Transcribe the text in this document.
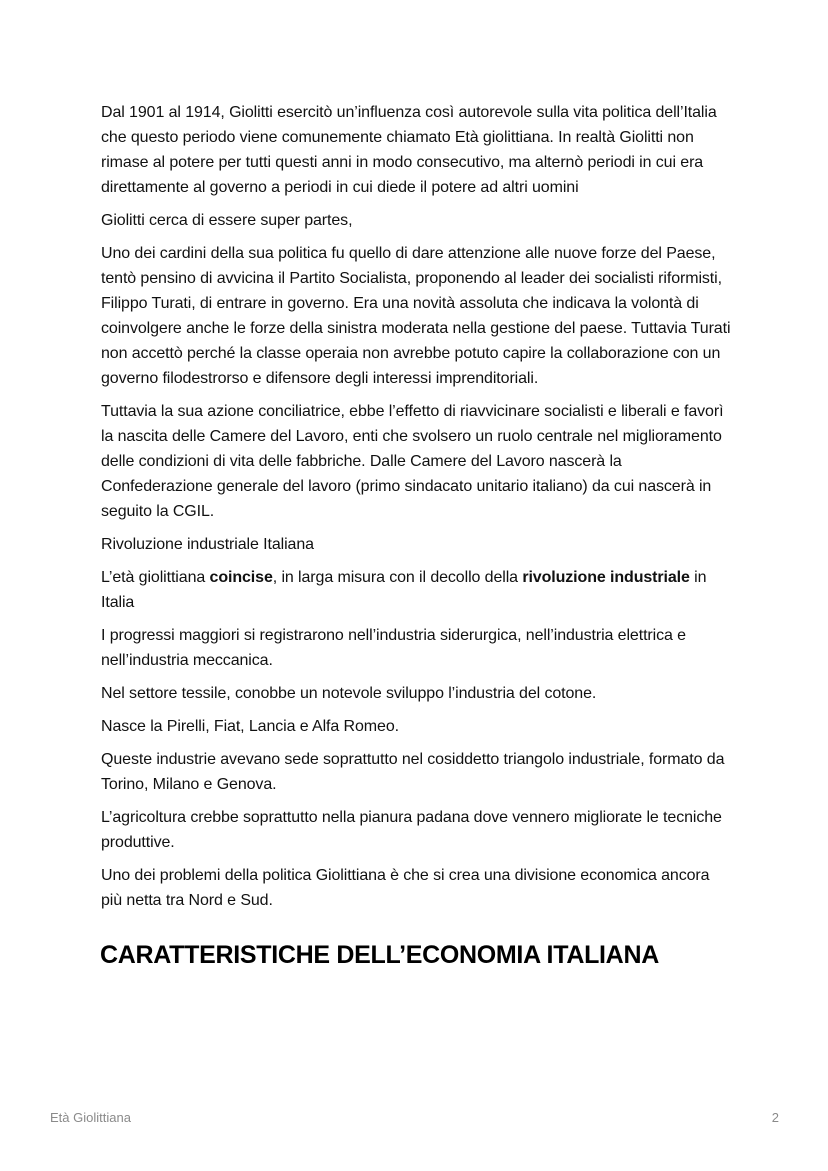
Dal 1901 al 1914, Giolitti esercitò un’influenza così autorevole sulla vita politica dell’Italia che questo periodo viene comunemente chiamato Età giolittiana. In realtà Giolitti non rimase al potere per tutti questi anni in modo consecutivo, ma alternò periodi in cui era direttamente al governo a periodi in cui diede il potere ad altri uomini

Giolitti cerca di essere super partes,

Uno dei cardini della sua politica fu quello di dare attenzione alle nuove forze del Paese, tentò pensino di avvicina il Partito Socialista, proponendo al leader dei socialisti riformisti, Filippo Turati, di entrare in governo. Era una novità assoluta che indicava la volontà di coinvolgere anche le forze della sinistra moderata nella gestione del paese. Tuttavia Turati non accettò perché la classe operaia non avrebbe potuto capire la collaborazione con un governo filodestrorso e difensore degli interessi imprenditoriali.

Tuttavia la sua azione conciliatrice, ebbe l’effetto di riavvicinare socialisti e liberali e favorì la nascita delle Camere del Lavoro, enti che svolsero un ruolo centrale nel miglioramento delle condizioni di vita delle fabbriche. Dalle Camere del Lavoro nascerà la Confederazione generale del lavoro (primo sindacato unitario italiano) da cui nascerà in seguito la CGIL.

Rivoluzione industriale Italiana

L’età giolittiana coincise, in larga misura con il decollo della rivoluzione industriale in Italia

I progressi maggiori si registrarono nell’industria siderurgica, nell’industria elettrica e nell’industria meccanica.

Nel settore tessile, conobbe un notevole sviluppo l’industria del cotone.

Nasce la Pirelli, Fiat, Lancia e Alfa Romeo.

Queste industrie avevano sede soprattutto nel cosiddetto triangolo industriale, formato da Torino, Milano e Genova.

L’agricoltura crebbe soprattutto nella pianura padana dove vennero migliorate le tecniche produttive.

Uno dei problemi della politica Giolittiana è che si crea una divisione economica ancora più netta tra Nord e Sud.

CARATTERISTICHE DELL’ECONOMIA ITALIANA
Età Giolittiana	2
